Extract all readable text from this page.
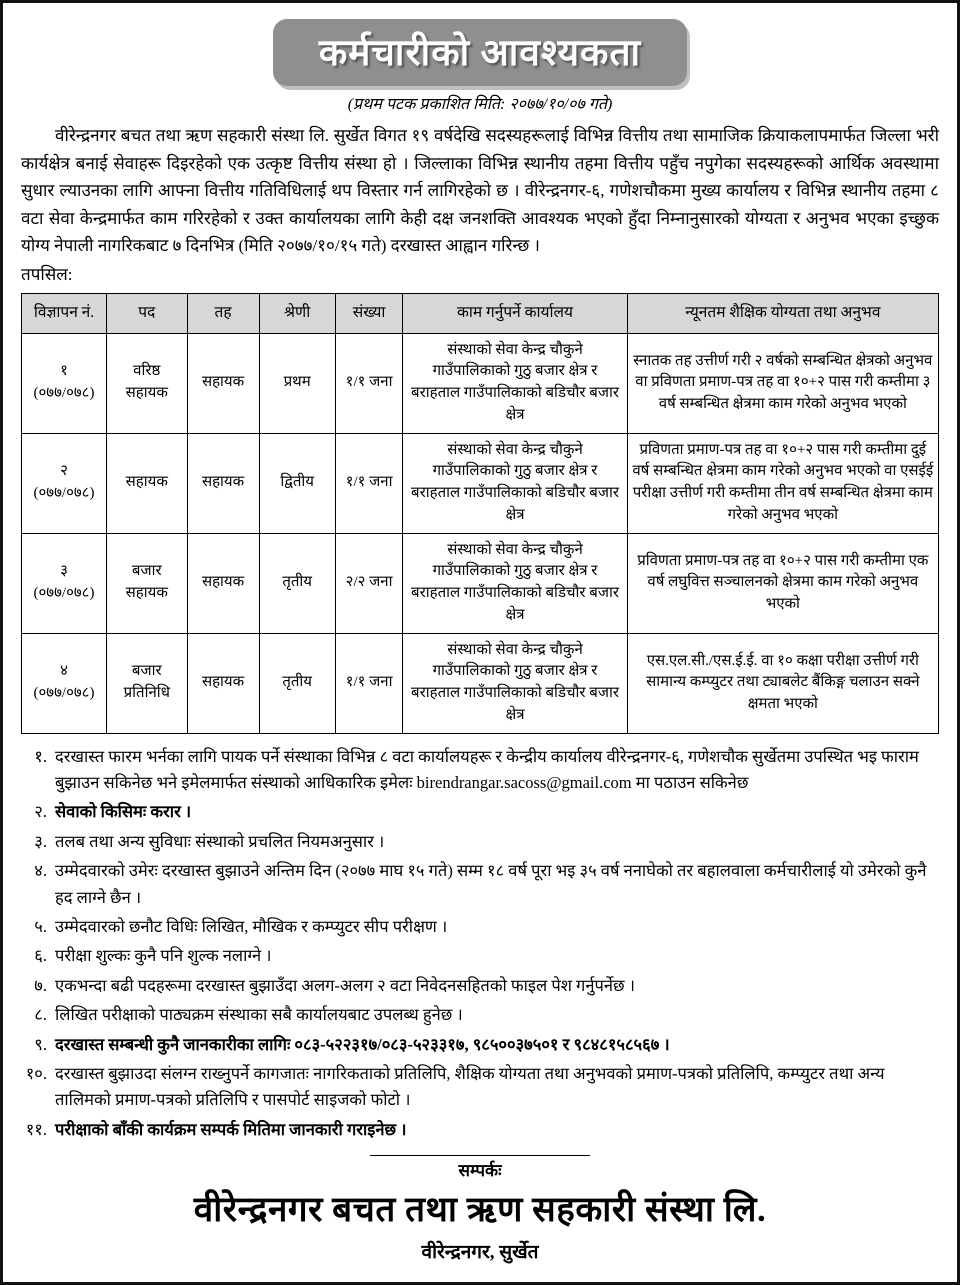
कर्मचारीको आवश्यकता
(प्रथम पटक प्रकाशित मिति: २०७७/१०/०७ गते)

वीरेन्द्रनगर बचत तथा ऋण सहकारी संस्था लि. सुर्खेत विगत १९ वर्षदेखि सदस्यहरूलाई विभिन्न वित्तीय तथा सामाजिक क्रियाकलापमार्फत जिल्ला भरी कार्यक्षेत्र बनाई सेवाहरू दिइरहेको एक उत्कृष्ट वित्तीय संस्था हो । जिल्लाका विभिन्न स्थानीय तहमा वित्तीय पहुँच नपुगेका सदस्यहरूको आर्थिक अवस्थामा सुधार ल्याउनका लागि आफ्ना वित्तीय गतिविधिलाई थप विस्तार गर्न लागिरहेको छ । वीरेन्द्रनगर-६, गणेशचौकमा मुख्य कार्यालय र विभिन्न स्थानीय तहमा ८ वटा सेवा केन्द्रमार्फत काम गरिरहेको र उक्त कार्यालयका लागि केही दक्ष जनशक्ति आवश्यक भएको हुँदा निम्नानुसारको योग्यता र अनुभव भएका इच्छुक योग्य नेपाली नागरिकबाट ७ दिनभित्र (मिति २०७७/१०/१५ गते) दरखास्त आह्वान गरिन्छ ।

तपसिल:
विज्ञापन नं.	पद	तह	श्रेणी	संख्या	काम गर्नुपर्ने कार्यालय	न्यूनतम शैक्षिक योग्यता तथा अनुभव

१
(०७७/०७८)	वरिष्ठ सहायक	सहायक	प्रथम	१/१ जना	संस्थाको सेवा केन्द्र चौकुने गाउँपालिकाको गुठु बजार क्षेत्र र बराहताल गाउँपालिकाको बडिचौर बजार क्षेत्र	स्नातक तह उत्तीर्ण गरी २ वर्षको सम्बन्धित क्षेत्रको अनुभव वा प्रविणता प्रमाण-पत्र तह वा १०+२ पास गरी कम्तीमा ३ वर्ष सम्बन्धित क्षेत्रमा काम गरेको अनुभव भएको

२
(०७७/०७८)	सहायक	सहायक	द्वितीय	१/१ जना	संस्थाको सेवा केन्द्र चौकुने गाउँपालिकाको गुठु बजार क्षेत्र र बराहताल गाउँपालिकाको बडिचौर बजार क्षेत्र	प्रविणता प्रमाण-पत्र तह वा १०+२ पास गरी कम्तीमा दुई वर्ष सम्बन्धित क्षेत्रमा काम गरेको अनुभव भएको वा एसईई परीक्षा उत्तीर्ण गरी कम्तीमा तीन वर्ष सम्बन्धित क्षेत्रमा काम गरेको अनुभव भएको

३
(०७७/०७८)	बजार सहायक	सहायक	तृतीय	२/२ जना	संस्थाको सेवा केन्द्र चौकुने गाउँपालिकाको गुठु बजार क्षेत्र र बराहताल गाउँपालिकाको बडिचौर बजार क्षेत्र	प्रविणता प्रमाण-पत्र तह वा १०+२ पास गरी कम्तीमा एक वर्ष लघुवित्त सञ्चालनको क्षेत्रमा काम गरेको अनुभव भएको

४
(०७७/०७८)	बजार प्रतिनिधि	सहायक	तृतीय	१/१ जना	संस्थाको सेवा केन्द्र चौकुने गाउँपालिकाको गुठु बजार क्षेत्र र बराहताल गाउँपालिकाको बडिचौर बजार क्षेत्र	एस.एल.सी./एस.ई.ई. वा १० कक्षा परीक्षा उत्तीर्ण गरी सामान्य कम्प्युटर तथा ट्याबलेट बैंकिङ्ग चलाउन सक्ने क्षमता भएको
१. दरखास्त फारम भर्नका लागि पायक पर्ने संस्थाका विभिन्न ८ वटा कार्यालयहरू र केन्द्रीय कार्यालय वीरेन्द्रनगर-६, गणेशचौक सुर्खेतमा उपस्थित भइ फाराम बुझाउन सकिनेछ भने इमेलमार्फत संस्थाको आधिकारिक इमेलः birendrangar.sacoss@gmail.com मा पठाउन सकिनेछ
२. सेवाको किसिमः करार ।
३. तलब तथा अन्य सुविधाः संस्थाको प्रचलित नियमअनुसार ।
४. उम्मेदवारको उमेरः दरखास्त बुझाउने अन्तिम दिन (२०७७ माघ १५ गते) सम्म १८ वर्ष पूरा भइ ३५ वर्ष ननाघेको तर बहालवाला कर्मचारीलाई यो उमेरको कुनै हद लाग्ने छैन ।
५. उम्मेदवारको छनौट विधिः लिखित, मौखिक र कम्प्युटर सीप परीक्षण ।
६. परीक्षा शुल्कः कुनै पनि शुल्क नलाग्ने ।
७. एकभन्दा बढी पदहरूमा दरखास्त बुझाउँदा अलग-अलग २ वटा निवेदनसहितको फाइल पेश गर्नुपर्नेछ ।
८. लिखित परीक्षाको पाठ्यक्रम संस्थाका सबै कार्यालयबाट उपलब्ध हुनेछ ।
९. दरखास्त सम्बन्धी कुनै जानकारीका लागिः ०८३-५२२३१७/०८३-५२३३१७, ९८५००३७५०१ र ९८४८१५८५६७ ।
१०. दरखास्त बुझाउदा संलग्न राख्नुपर्ने कागजातः नागरिकताको प्रतिलिपि, शैक्षिक योग्यता तथा अनुभवको प्रमाण-पत्रको प्रतिलिपि, कम्प्युटर तथा अन्य तालिमको प्रमाण-पत्रको प्रतिलिपि र पासपोर्ट साइजको फोटो ।
११. परीक्षाको बाँकी कार्यक्रम सम्पर्क मितिमा जानकारी गराइनेछ ।
सम्पर्कः
वीरेन्द्रनगर बचत तथा ऋण सहकारी संस्था लि.
वीरेन्द्रनगर, सुर्खेत
